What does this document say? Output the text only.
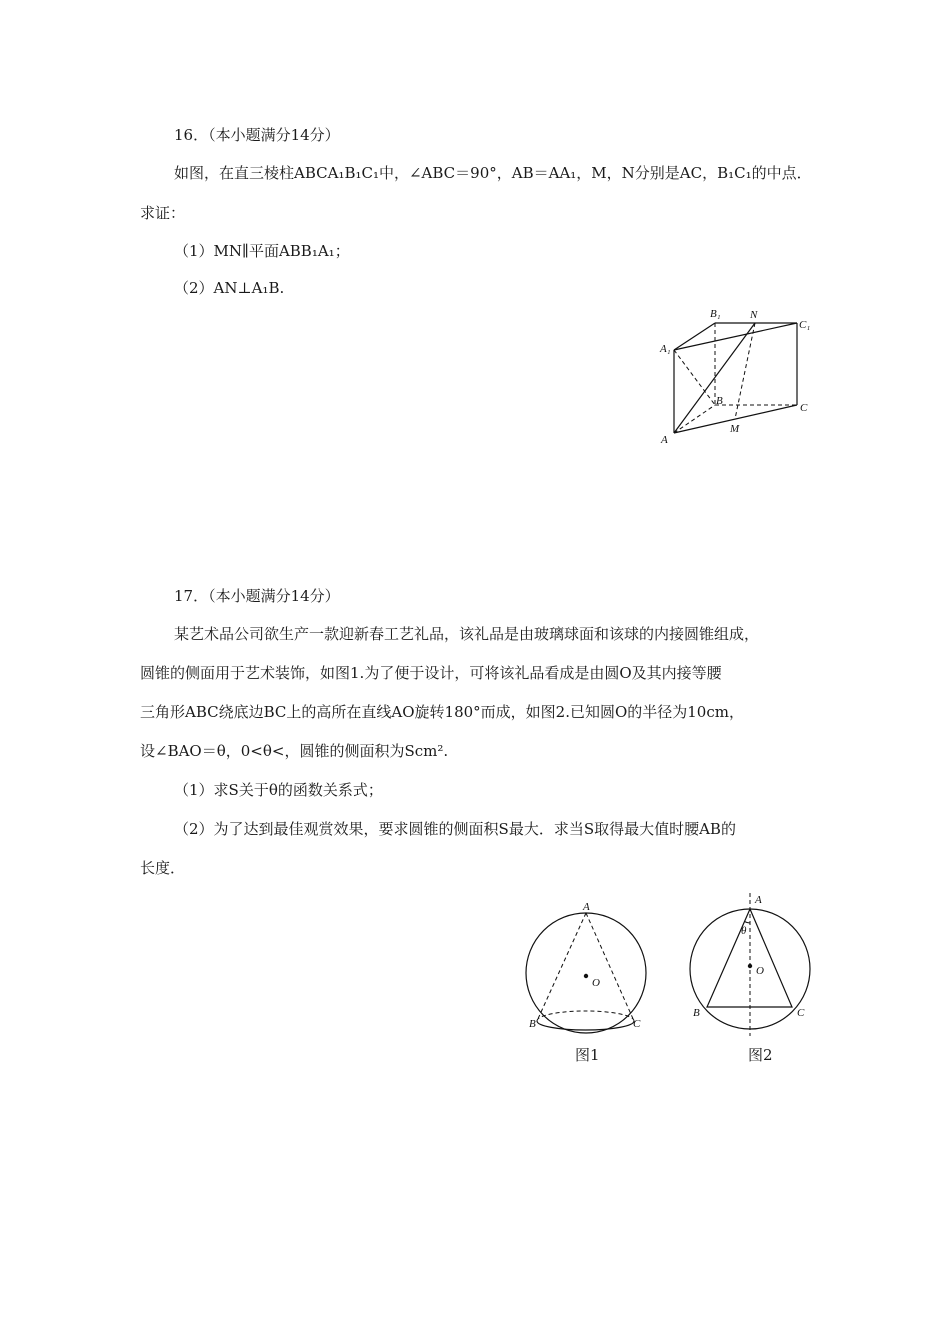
16．（本小题满分14分）
如图，在直三棱柱ABCA₁B₁C₁中，∠ABC＝90°，AB＝AA₁，M，N分别是AC，B₁C₁的中点．
求证：
（1）MN∥平面ABB₁A₁；
（2）AN⊥A₁B.
A₁
B₁	N
C₁
B
C
M
A
17．（本小题满分14分）
某艺术品公司欲生产一款迎新春工艺礼品，该礼品是由玻璃球面和该球的内接圆锥组成，
圆锥的侧面用于艺术装饰，如图1.为了便于设计，可将该礼品看成是由圆O及其内接等腰
三角形ABC绕底边BC上的高所在直线AO旋转180°而成，如图2.已知圆O的半径为10cm，
设∠BAO＝θ，0<θ<，圆锥的侧面积为Scm².
（1）求S关于θ的函数关系式；
（2）为了达到最佳观赏效果，要求圆锥的侧面积S最大．求当S取得最大值时腰AB的
长度．
A
O
B	C
图1
A
θ
O
B	C
图2
